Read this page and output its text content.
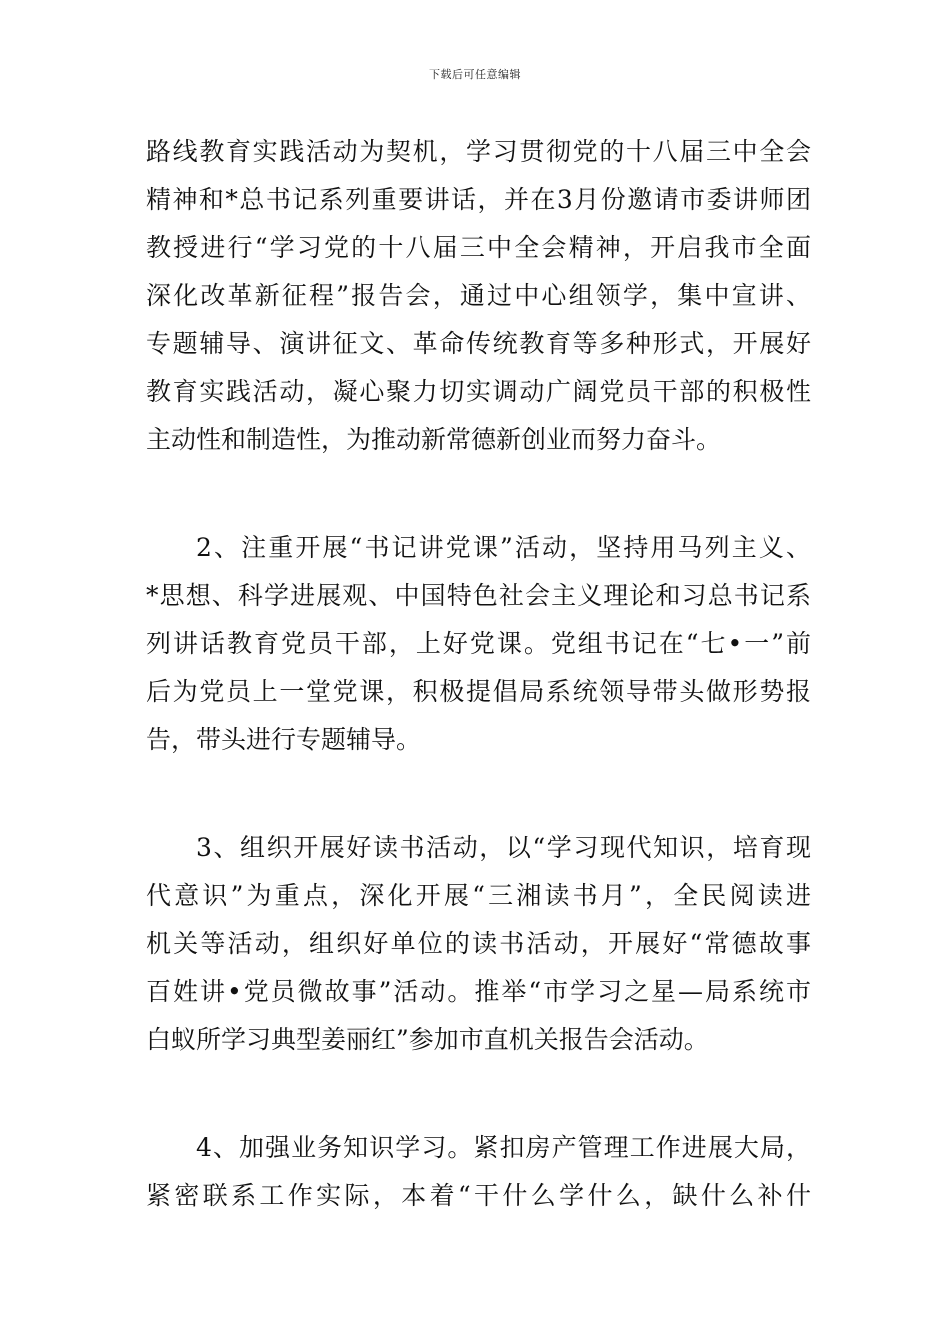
下载后可任意编辑
路线教育实践活动为契机，学习贯彻党的十八届三中全会
精神和*总书记系列重要讲话，并在3月份邀请市委讲师团
教授进行“学习党的十八届三中全会精神，开启我市全面
深化改革新征程”报告会，通过中心组领学，集中宣讲、
专题辅导、演讲征文、革命传统教育等多种形式，开展好
教育实践活动，凝心聚力切实调动广阔党员干部的积极性
主动性和制造性，为推动新常德新创业而努力奋斗。
2、注重开展“书记讲党课”活动，坚持用马列主义、
*思想、科学进展观、中国特色社会主义理论和习总书记系
列讲话教育党员干部，上好党课。党组书记在“七•一”前
后为党员上一堂党课，积极提倡局系统领导带头做形势报
告，带头进行专题辅导。
3、组织开展好读书活动，以“学习现代知识，培育现
代意识”为重点，深化开展“三湘读书月”，全民阅读进
机关等活动，组织好单位的读书活动，开展好“常德故事
百姓讲•党员微故事”活动。推举“市学习之星—局系统市
白蚁所学习典型姜丽红”参加市直机关报告会活动。
4、加强业务知识学习。紧扣房产管理工作进展大局，
紧密联系工作实际，本着“干什么学什么，缺什么补什
